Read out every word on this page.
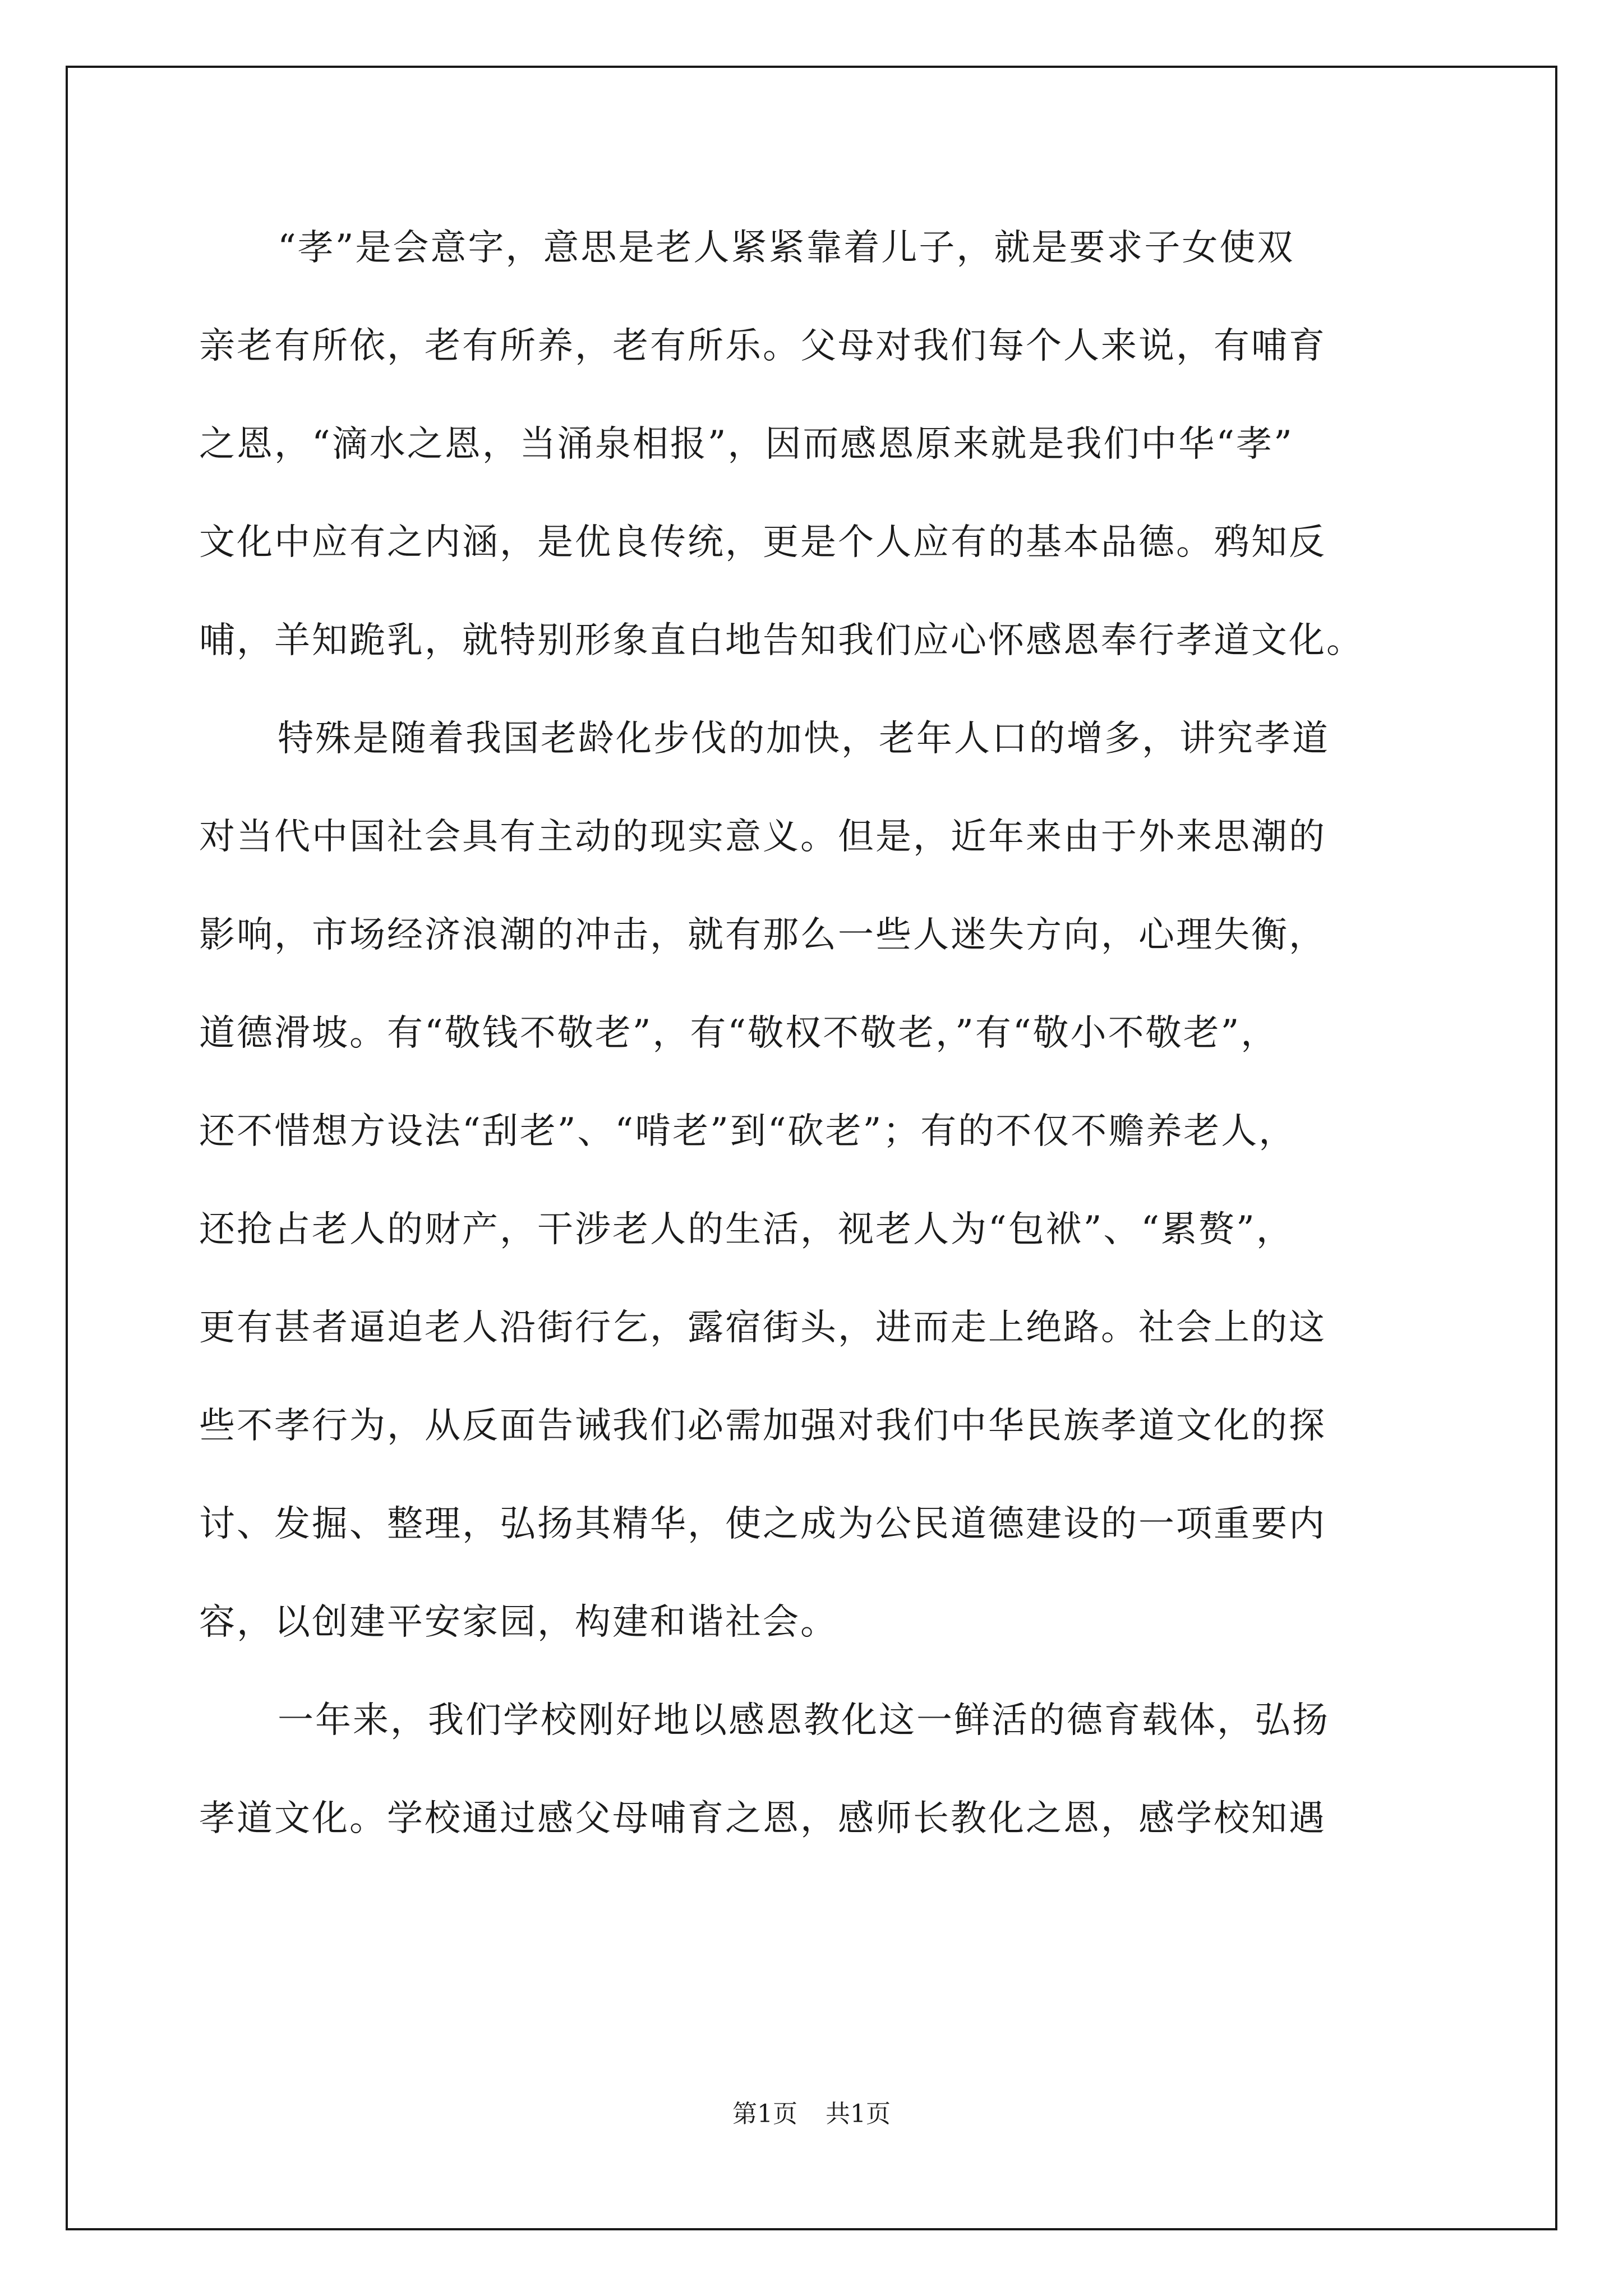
“孝”是会意字，意思是老人紧紧靠着儿子，就是要求子女使双
亲老有所依，老有所养，老有所乐。父母对我们每个人来说，有哺育
之恩，“滴水之恩，当涌泉相报”，因而感恩原来就是我们中华“孝”
文化中应有之内涵，是优良传统，更是个人应有的基本品德。鸦知反
哺，羊知跪乳，就特别形象直白地告知我们应心怀感恩奉行孝道文化。

特殊是随着我国老龄化步伐的加快，老年人口的增多，讲究孝道
对当代中国社会具有主动的现实意义。但是，近年来由于外来思潮的
影响，市场经济浪潮的冲击，就有那么一些人迷失方向，心理失衡，
道德滑坡。有“敬钱不敬老”，有“敬权不敬老，”有“敬小不敬老”，
还不惜想方设法“刮老”、“啃老”到“砍老”；有的不仅不赡养老人，
还抢占老人的财产，干涉老人的生活，视老人为“包袱”、“累赘”，
更有甚者逼迫老人沿街行乞，露宿街头，进而走上绝路。社会上的这
些不孝行为，从反面告诫我们必需加强对我们中华民族孝道文化的探
讨、发掘、整理，弘扬其精华，使之成为公民道德建设的一项重要内
容，以创建平安家园，构建和谐社会。

一年来，我们学校刚好地以感恩教化这一鲜活的德育载体，弘扬
孝道文化。学校通过感父母哺育之恩，感师长教化之恩，感学校知遇

第1页 共1页
